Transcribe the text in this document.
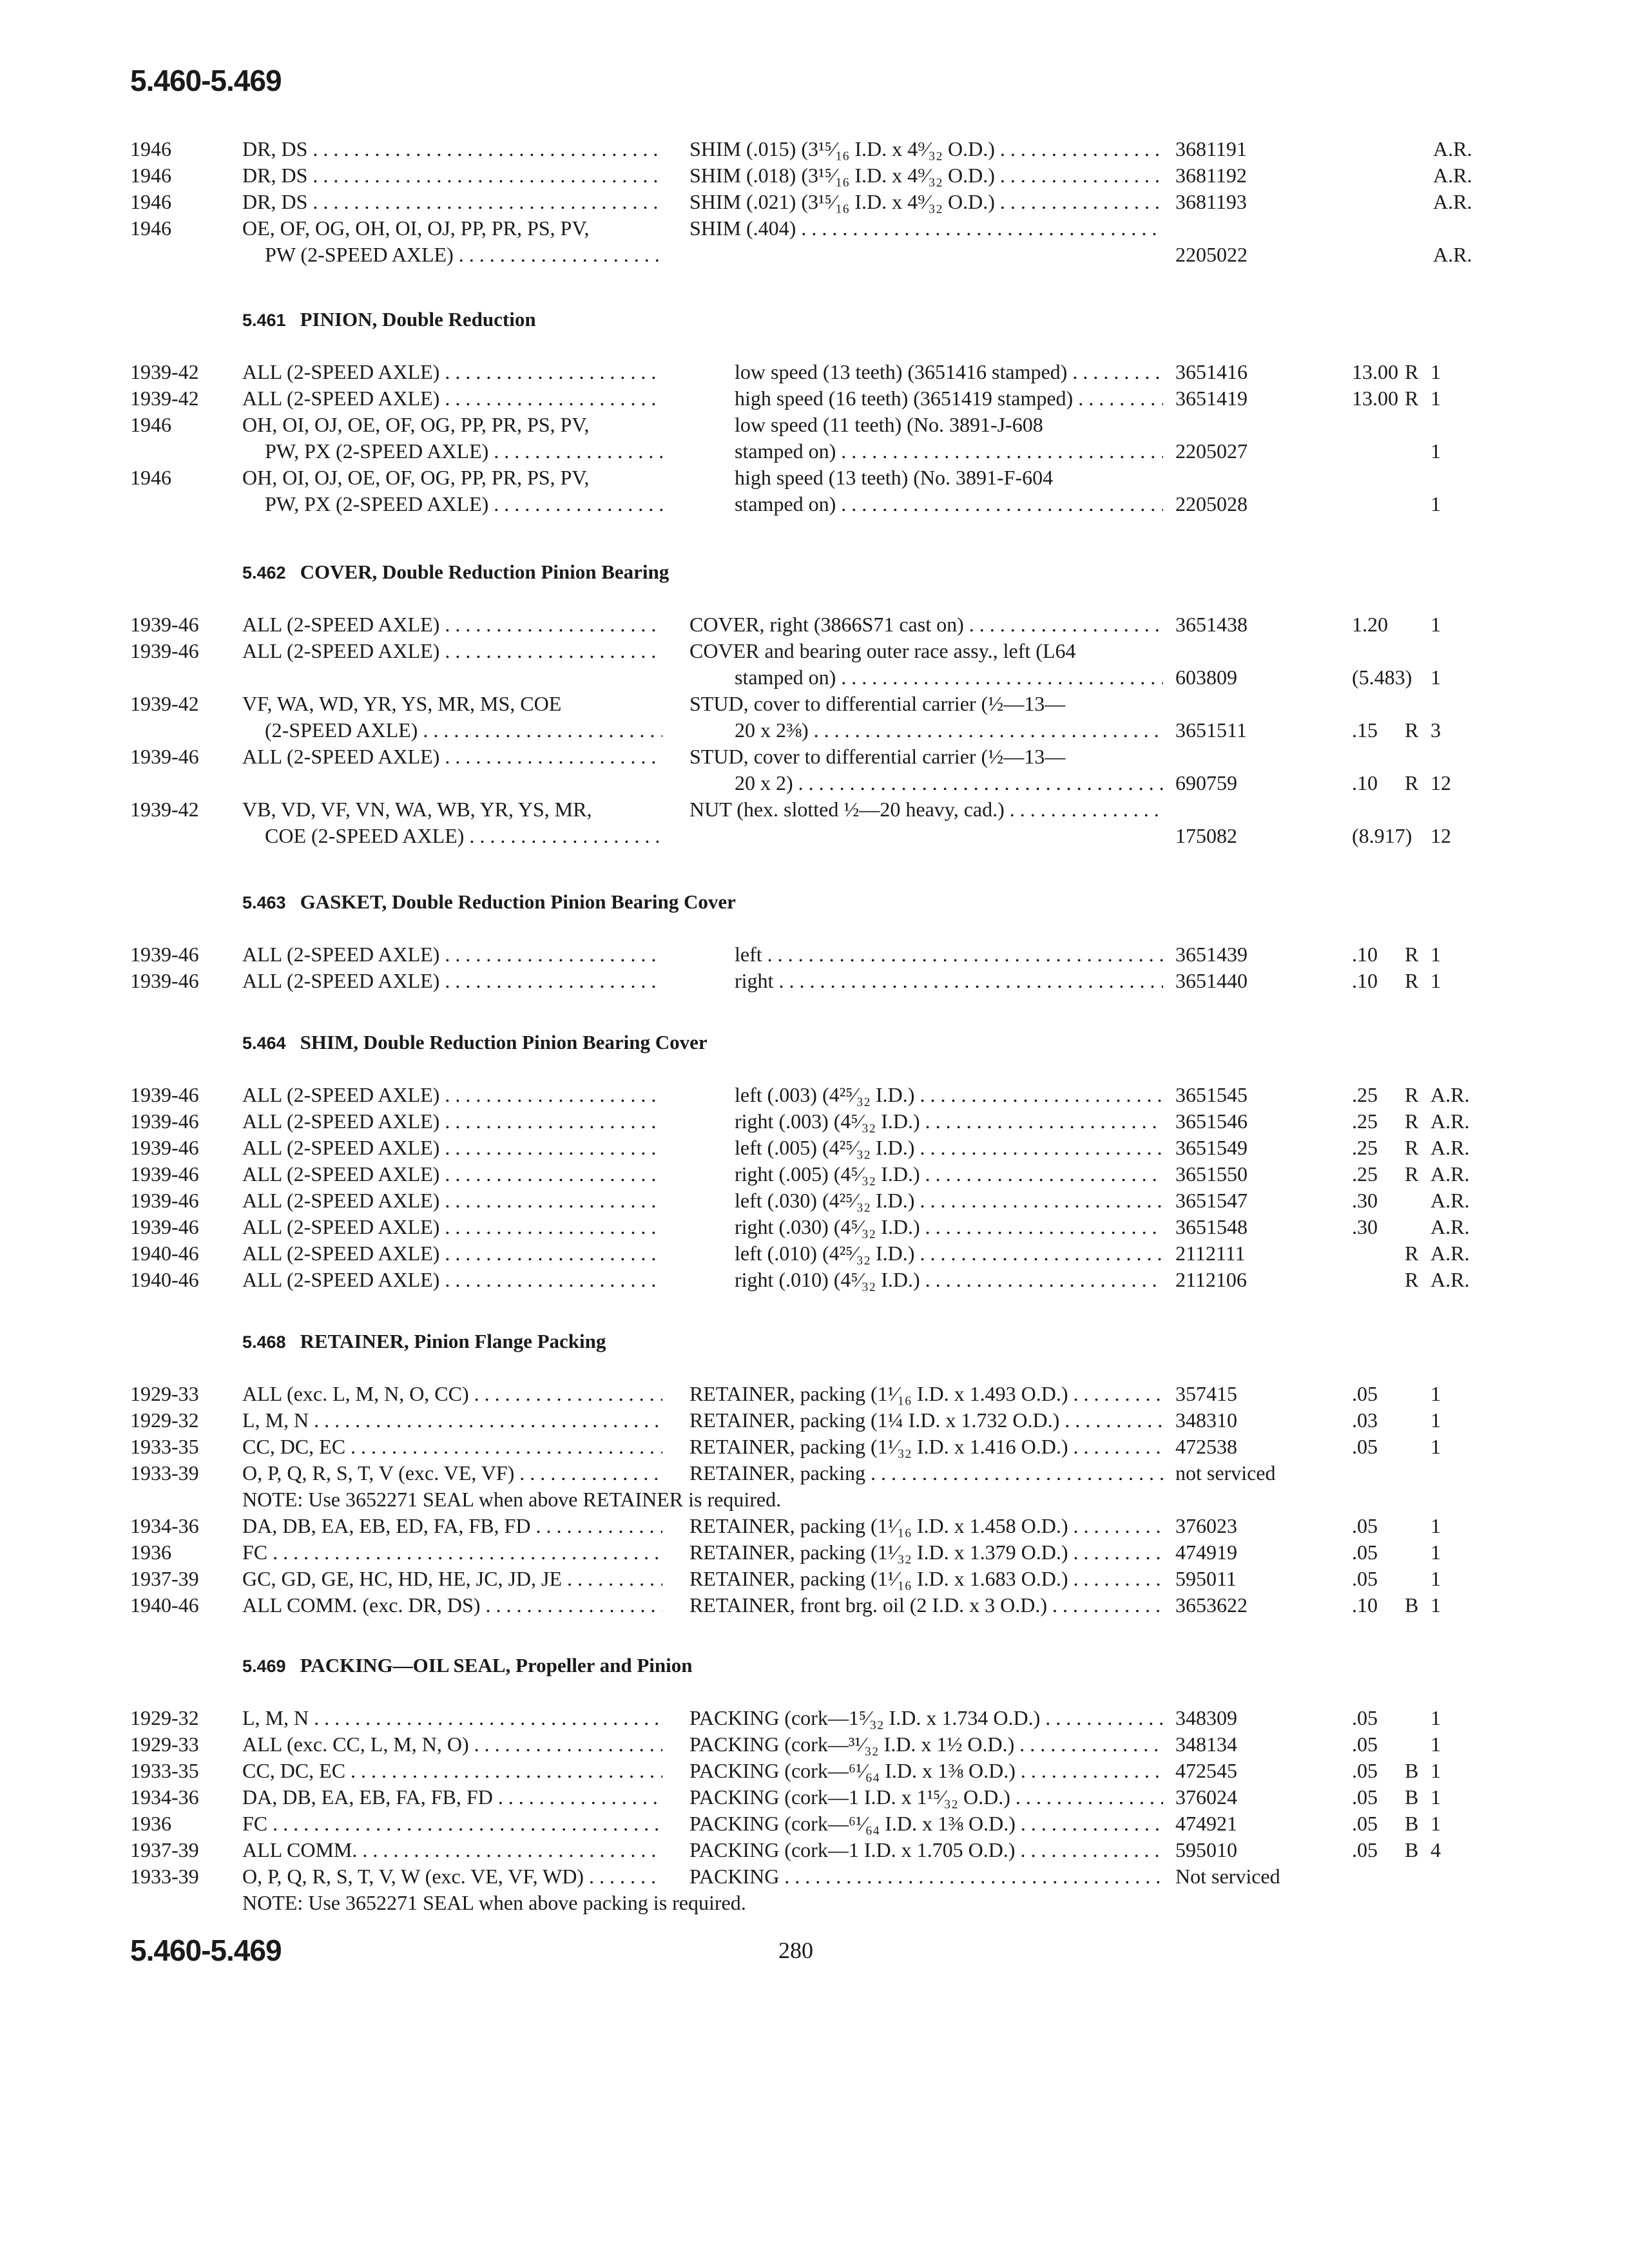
5.460-5.469
1946	DR, DS . . .	SHIM (.015) (3¹⁵⁄₁₆ I.D. x 4⁹⁄₃₂ O.D.) . . .	3681191	A.R.
1946	DR, DS . . .	SHIM (.018) (3¹⁵⁄₁₆ I.D. x 4⁹⁄₃₂ O.D.) . . .	3681192	A.R.
1946	DR, DS . . .	SHIM (.021) (3¹⁵⁄₁₆ I.D. x 4⁹⁄₃₂ O.D.) . . .	3681193	A.R.
1946	OE, OF, OG, OH, OI, OJ, PP, PR, PS, PV,	SHIM (.404) . . .
PW (2-SPEED AXLE) . . .	2205022	A.R.
5.461 PINION, Double Reduction
1939-42 ALL (2-SPEED AXLE) . . .	low speed (13 teeth) (3651416 stamped) . . .	3651416	13.00 R 1
1939-42 ALL (2-SPEED AXLE) . . .	high speed (16 teeth) (3651419 stamped) . . .	3651419	13.00 R 1
1946	OH, OI, OJ, OE, OF, OG, PP, PR, PS, PV,	low speed (11 teeth) (No. 3891-J-608
PW, PX (2-SPEED AXLE) . . .	stamped on) . . .	2205027	1
1946	OH, OI, OJ, OE, OF, OG, PP, PR, PS, PV,	high speed (13 teeth) (No. 3891-F-604
PW, PX (2-SPEED AXLE) . . .	stamped on) . . .	2205028	1
5.462 COVER, Double Reduction Pinion Bearing
1939-46 ALL (2-SPEED AXLE) . . .	COVER, right (3866S71 cast on) . . .	3651438	1.20 1
1939-46 ALL (2-SPEED AXLE) . . .	COVER and bearing outer race assy., left (L64
stamped on) . . .	603809	(5.483) 1
1939-42 VF, WA, WD, YR, YS, MR, MS, COE	STUD, cover to differential carrier (½—13—
(2-SPEED AXLE) . . .	20 x 2⅜) . . .	3651511	.15 R 3
1939-46 ALL (2-SPEED AXLE) . . .	STUD, cover to differential carrier (½—13—
20 x 2) . . .	690759	.10 R 12
1939-42 VB, VD, VF, VN, WA, WB, YR, YS, MR,	NUT (hex. slotted ½—20 heavy, cad.) . . .
COE (2-SPEED AXLE) . . .	175082	(8.917) 12
5.463 GASKET, Double Reduction Pinion Bearing Cover
1939-46 ALL (2-SPEED AXLE) . . .	left . . .	3651439	.10 R 1
1939-46 ALL (2-SPEED AXLE) . . .	right . . .	3651440	.10 R 1
5.464 SHIM, Double Reduction Pinion Bearing Cover
1939-46 ALL (2-SPEED AXLE) . . .	left (.003) (4²⁵⁄₃₂ I.D.) . . .	3651545	.25 R A.R.
1939-46 ALL (2-SPEED AXLE) . . .	right (.003) (4⁵⁄₃₂ I.D.) . . .	3651546	.25 R A.R.
1939-46 ALL (2-SPEED AXLE) . . .	left (.005) (4²⁵⁄₃₂ I.D.) . . .	3651549	.25 R A.R.
1939-46 ALL (2-SPEED AXLE) . . .	right (.005) (4⁵⁄₃₂ I.D.) . . .	3651550	.25 R A.R.
1939-46 ALL (2-SPEED AXLE) . . .	left (.030) (4²⁵⁄₃₂ I.D.) . . .	3651547	.30	A.R.
1939-46 ALL (2-SPEED AXLE) . . .	right (.030) (4⁵⁄₃₂ I.D.) . . .	3651548	.30	A.R.
1940-46 ALL (2-SPEED AXLE) . . .	left (.010) (4²⁵⁄₃₂ I.D.) . . .	2112111	R A.R.
1940-46 ALL (2-SPEED AXLE) . . .	right (.010) (4⁵⁄₃₂ I.D.) . . .	2112106	R A.R.
5.468 RETAINER, Pinion Flange Packing
1929-33 ALL (exc. L, M, N, O, CC) . . .	RETAINER, packing (1¹⁄₁₆ I.D. x 1.493 O.D.) . . .	357415	.05	1
1929-32 L, M, N . . .	RETAINER, packing (1¼ I.D. x 1.732 O.D.) . . .	348310	.03	1
1933-35 CC, DC, EC . . .	RETAINER, packing (1¹⁄₃₂ I.D. x 1.416 O.D.) . . .	472538	.05	1
1933-39 O, P, Q, R, S, T, V (exc. VE, VF) . . .	RETAINER, packing . . .	not serviced
NOTE: Use 3652271 SEAL when above RETAINER is required.
1934-36 DA, DB, EA, EB, ED, FA, FB, FD . . .	RETAINER, packing (1¹⁄₁₆ I.D. x 1.458 O.D.) . . .	376023	.05	1
1936	FC . . .	RETAINER, packing (1¹⁄₃₂ I.D. x 1.379 O.D.) . . .	474919	.05	1
1937-39 GC, GD, GE, HC, HD, HE, JC, JD, JE . . .	RETAINER, packing (1¹⁄₁₆ I.D. x 1.683 O.D.) . . .	595011	.05	1
1940-46 ALL COMM. (exc. DR, DS) . . .	RETAINER, front brg. oil (2 I.D. x 3 O.D.) . . .	3653622	.10 B 1
5.469 PACKING—OIL SEAL, Propeller and Pinion
1929-32 L, M, N . . .	PACKING (cork—1⁵⁄₃₂ I.D. x 1.734 O.D.) . . .	348309	.05	1
1929-33 ALL (exc. CC, L, M, N, O) . . .	PACKING (cork—³¹⁄₃₂ I.D. x 1½ O.D.) . . .	348134	.05	1
1933-35 CC, DC, EC . . .	PACKING (cork—⁶¹⁄₆₄ I.D. x 1⅜ O.D.) . . .	472545	.05 B 1
1934-36 DA, DB, EA, EB, FA, FB, FD . . .	PACKING (cork—1 I.D. x 1¹⁵⁄₃₂ O.D.) . . .	376024	.05 B 1
1936	FC . . .	PACKING (cork—⁶¹⁄₆₄ I.D. x 1⅜ O.D.) . . .	474921	.05 B 1
1937-39 ALL COMM. . . .	PACKING (cork—1 I.D. x 1.705 O.D.) . . .	595010	.05 B 4
1933-39 O, P, Q, R, S, T, V, W (exc. VE, VF, WD) . . .	PACKING . . .	Not serviced
NOTE: Use 3652271 SEAL when above packing is required.
5.460-5.469	280
